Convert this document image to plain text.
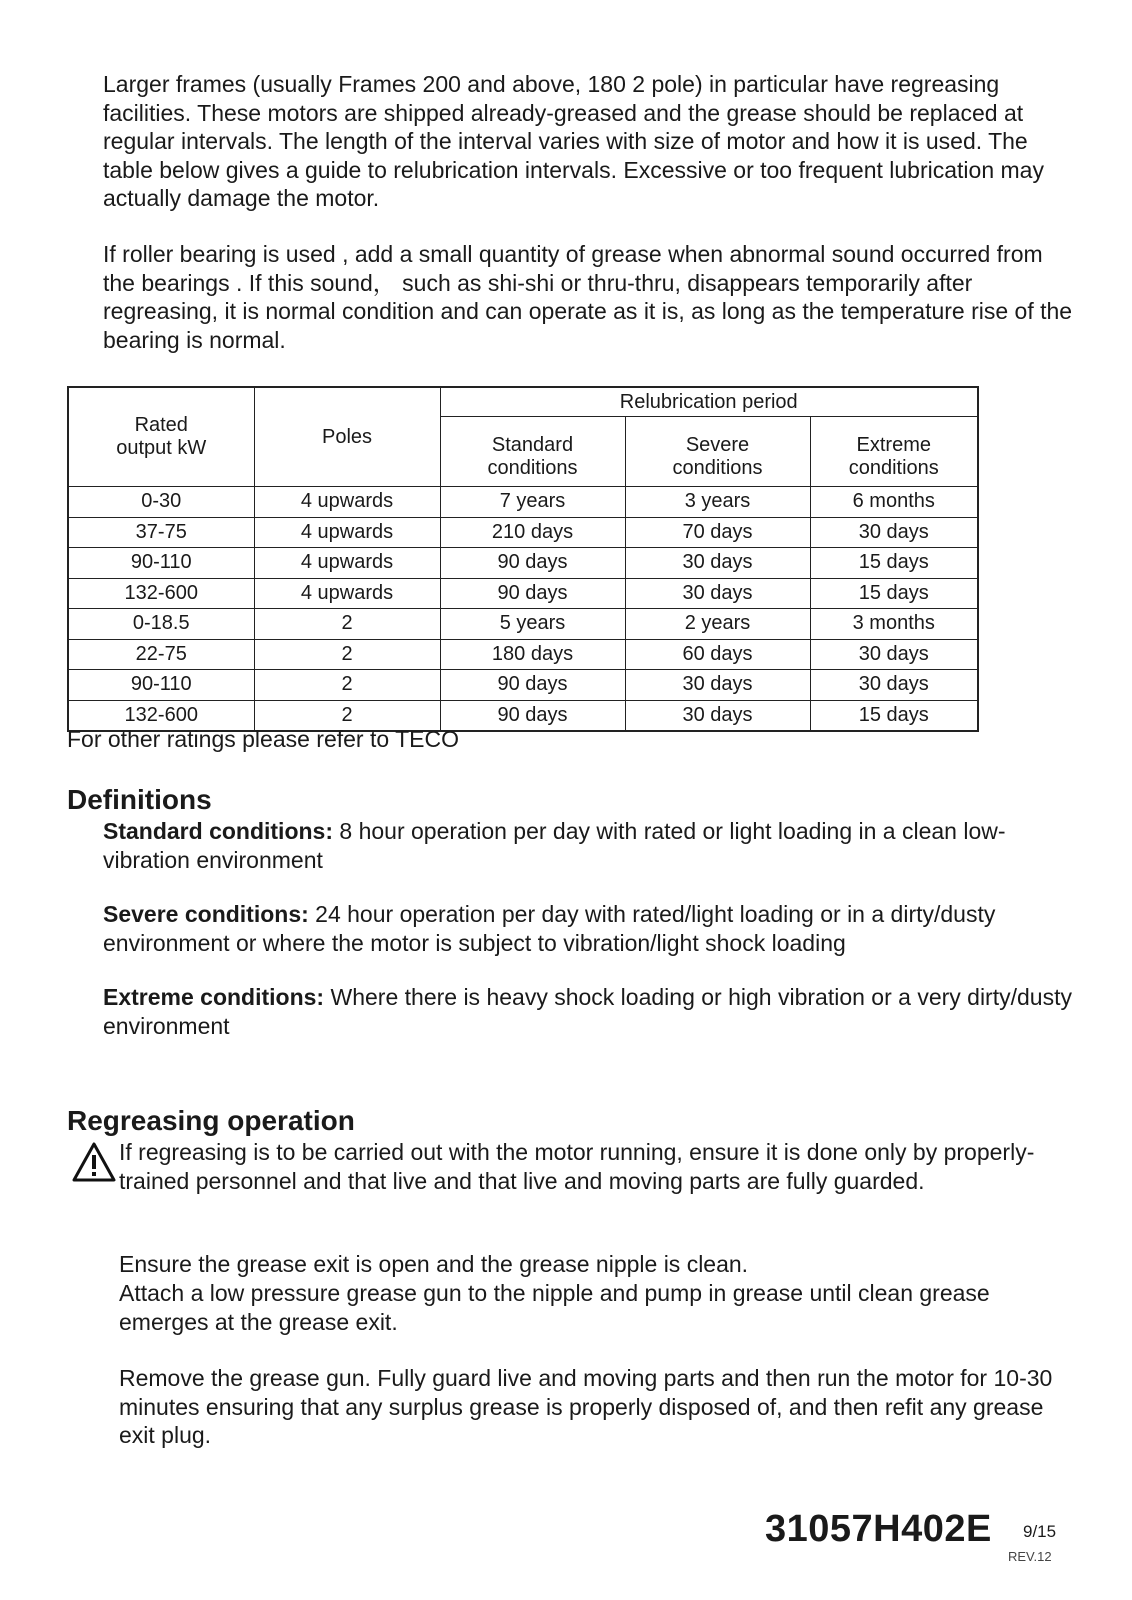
Larger frames (usually Frames 200 and above, 180 2 pole) in particular have regreasing facilities. These motors are shipped already-greased and the grease should be replaced at regular intervals. The length of the interval varies with size of motor and how it is used. The table below gives a guide to relubrication intervals. Excessive or too frequent lubrication may actually damage the motor.

If roller bearing is used , add a small quantity of grease when abnormal sound occurred from the bearings . If this sound， such as shi-shi or thru-thru, disappears temporarily after regreasing, it is normal condition and can operate as it is, as long as the temperature rise of the bearing is normal.

Rated output kW	Poles	Relubrication period		
		Standard conditions	Severe conditions	Extreme conditions
0-30	4 upwards	7 years	3 years	6 months
37-75	4 upwards	210 days	70 days	30 days
90-110	4 upwards	90 days	30 days	15 days
132-600	4 upwards	90 days	30 days	15 days
0-18.5	2	5 years	2 years	3 months
22-75	2	180 days	60 days	30 days
90-110	2	90 days	30 days	30 days
132-600	2	90 days	30 days	15 days

For other ratings please refer to TECO

Definitions

Standard conditions: 8 hour operation per day with rated or light loading in a clean low-vibration environment

Severe conditions: 24 hour operation per day with rated/light loading or in a dirty/dusty environment or where the motor is subject to vibration/light shock loading

Extreme conditions: Where there is heavy shock loading or high vibration or a very dirty/dusty environment

Regreasing operation

If regreasing is to be carried out with the motor running, ensure it is done only by properly-trained personnel and that live and that live and moving parts are fully guarded.

Ensure the grease exit is open and the grease nipple is clean.

Attach a low pressure grease gun to the nipple and pump in grease until clean grease emerges at the grease exit.

Remove the grease gun. Fully guard live and moving parts and then run the motor for 10-30 minutes ensuring that any surplus grease is properly disposed of, and then refit any grease exit plug.

31057H402E 9/15
REV.12
